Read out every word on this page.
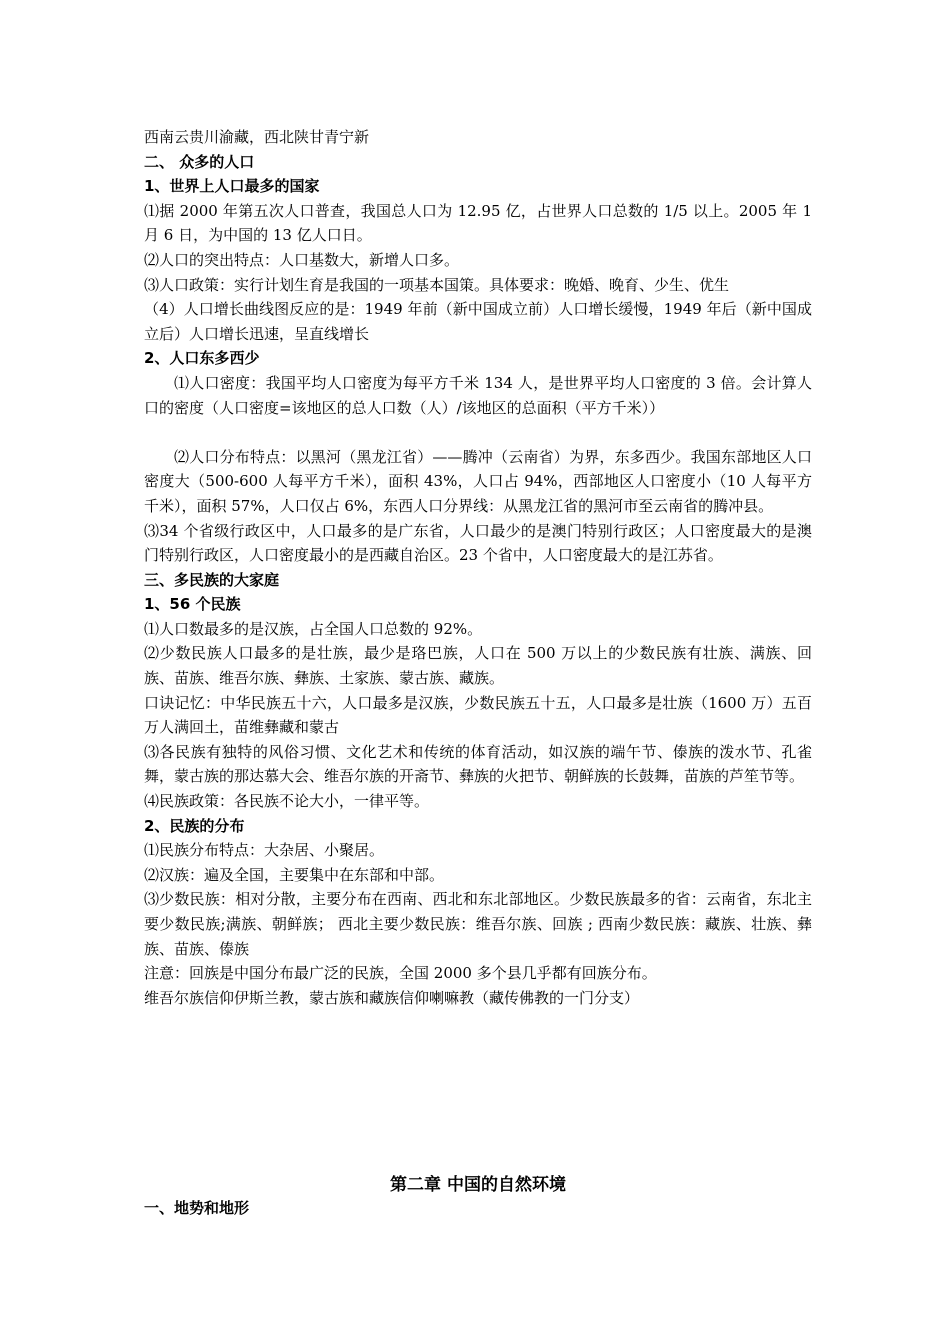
西南云贵川渝藏，西北陕甘青宁新

二、 众多的人口

1、世界上人口最多的国家

⑴据 2000 年第五次人口普查，我国总人口为 12.95 亿，占世界人口总数的 1/5 以上。2005 年 1 月 6 日，为中国的 13 亿人口日。

⑵人口的突出特点：人口基数大，新增人口多。

⑶人口政策：实行计划生育是我国的一项基本国策。具体要求：晚婚、晚育、少生、优生

（4）人口增长曲线图反应的是：1949 年前（新中国成立前）人口增长缓慢，1949 年后（新中国成立后）人口增长迅速，呈直线增长

2、人口东多西少

⑴人口密度：我国平均人口密度为每平方千米 134 人，是世界平均人口密度的 3 倍。会计算人口的密度（人口密度=该地区的总人口数（人）/该地区的总面积（平方千米））

⑵人口分布特点：以黑河（黑龙江省）——腾冲（云南省）为界，东多西少。我国东部地区人口密度大（500-600 人每平方千米），面积 43%，人口占 94%，西部地区人口密度小（10 人每平方千米），面积 57%，人口仅占 6%，东西人口分界线：从黑龙江省的黑河市至云南省的腾冲县。

⑶34 个省级行政区中，人口最多的是广东省，人口最少的是澳门特别行政区；人口密度最大的是澳门特别行政区，人口密度最小的是西藏自治区。23 个省中，人口密度最大的是江苏省。

三、多民族的大家庭

1、56 个民族

⑴人口数最多的是汉族，占全国人口总数的 92%。

⑵少数民族人口最多的是壮族，最少是珞巴族，人口在 500 万以上的少数民族有壮族、满族、回族、苗族、维吾尔族、彝族、土家族、蒙古族、藏族。

口诀记忆：中华民族五十六，人口最多是汉族，少数民族五十五，人口最多是壮族（1600 万）五百万人满回土，苗维彝藏和蒙古

⑶各民族有独特的风俗习惯、文化艺术和传统的体育活动，如汉族的端午节、傣族的泼水节、孔雀舞，蒙古族的那达慕大会、维吾尔族的开斋节、彝族的火把节、朝鲜族的长鼓舞，苗族的芦笙节等。

⑷民族政策：各民族不论大小，一律平等。

2、民族的分布

⑴民族分布特点：大杂居、小聚居。

⑵汉族：遍及全国，主要集中在东部和中部。

⑶少数民族：相对分散，主要分布在西南、西北和东北部地区。少数民族最多的省：云南省，东北主要少数民族;满族、朝鲜族； 西北主要少数民族：维吾尔族、回族 ; 西南少数民族：藏族、壮族、彝族、苗族、傣族

注意：回族是中国分布最广泛的民族，全国 2000 多个县几乎都有回族分布。

维吾尔族信仰伊斯兰教，蒙古族和藏族信仰喇嘛教（藏传佛教的一门分支）

第二章 中国的自然环境
一、地势和地形
